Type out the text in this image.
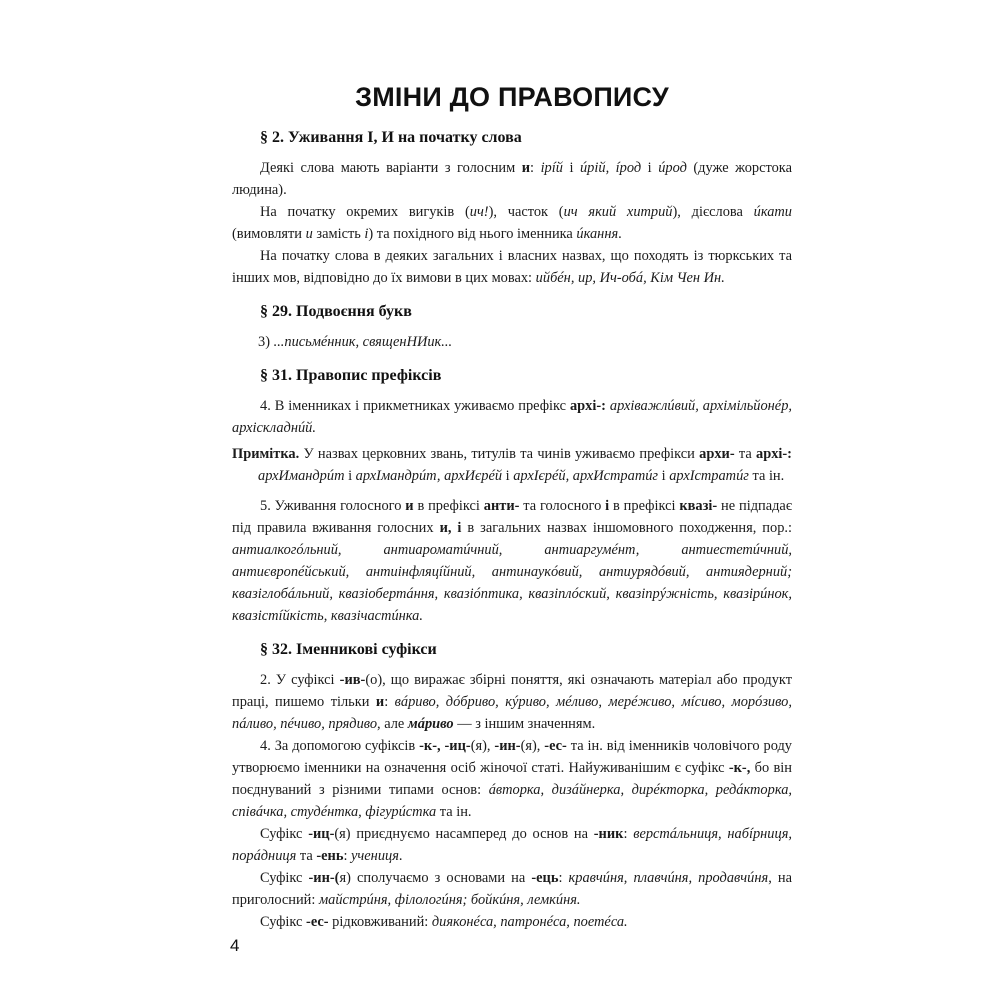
ЗМІНИ ДО ПРАВОПИСУ
§ 2. Уживання І, И на початку слова

Деякі слова мають варіанти з голосним и: ірíй і úрій, íрод і úрод (дуже жорстока людина).

На початку окремих вигуків (ич!), часток (ич який хитрий), дієслова úкати (вимовляти и замість і) та похідного від нього іменника úкання.

На початку слова в деяких загальних і власних назвах, що походять із тюркських та інших мов, відповідно до їх вимови в цих мовах: ийбéн, ир, Ич-обá, Кім Чен Ин.

§ 29. Подвоєння букв

3) ...письмéнник, священНИик...

§ 31. Правопис префіксів

4. В іменниках і прикметниках уживаємо префікс архі-: архіважлúвий, архімільйонéр, архіскладнúй.

Примітка. У назвах церковних звань, титулів та чинів уживаємо префікси архи- та архі-: архИмандрúт і архІмандрúт, архИєрéй і архІєрéй, архИстратúг і архІстратúг та ін.

5. Уживання голосного и в префіксі анти- та голосного і в префіксі квазі- не підпадає під правила вживання голосних и, і в загальних назвах іншомовного походження, пор.: антиалкогóльний, антиароматúчний, антиаргумéнт, антиестетúчний, антиєвропéйський, антиінфляцíйний, антинаукóвий, антиурядóвий, антиядерний; квазіглобáльний, квазіобертáння, квазіóптика, квазіплóский, квазіпрýжність, квазірúнок, квазістíйкість, квазічастúнка.

§ 32. Іменникові суфікси

2. У суфіксі -ив-(о), що виражає збірні поняття, які означають матеріал або продукт праці, пишемо тільки и: вáриво, дóбриво, кýриво, мéливо, мерéживо, мíсиво, морóзиво, пáливо, пéчиво, прядиво, але мáриво — з іншим значенням.

4. За допомогою суфіксів -к-, -иц-(я), -ин-(я), -ес- та ін. від іменників чоловічого роду утворюємо іменники на означення осіб жіночої статі. Найуживанішим є суфікс -к-, бо він поєднуваний з різними типами основ: áвторка, дизáйнерка, дирéкторка, редáкторка, співáчка, студéнтка, фігурúстка та ін.

Суфікс -иц-(я) приєднуємо насамперед до основ на -ник: верстáльниця, набíрниця, порáдниця та -ень: учениця.

Суфікс -ин-(я) сполучаємо з основами на -ець: кравчúня, плавчúня, продавчúня, на приголосний: майстрúня, філологúня; бойкúня, лемкúня.

Суфікс -ес- рідковживаний: дияконéса, патронéса, поетéса.

4
